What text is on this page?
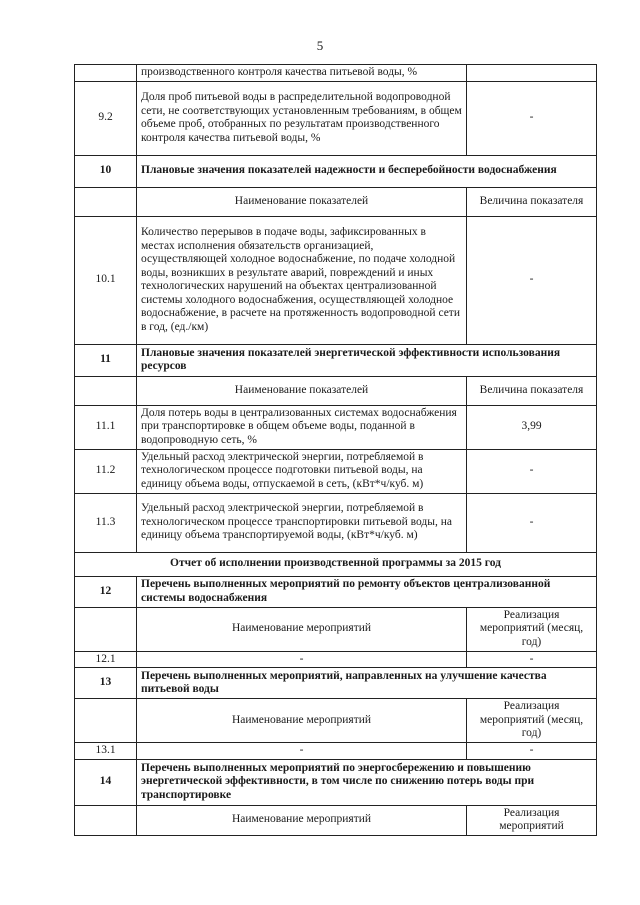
5
	производственного контроля качества питьевой воды, %	
9.2	Доля проб питьевой воды в распределительной водопроводной сети, не соответствующих установленным требованиям, в общем объеме проб, отобранных по результатам производственного контроля качества питьевой воды, %	-
10	Плановые значения показателей надежности и бесперебойности водоснабжения	
	Наименование показателей	Величина показателя
10.1	Количество перерывов в подаче воды, зафиксированных в местах исполнения обязательств организацией, осуществляющей холодное водоснабжение, по подаче холодной воды, возникших в результате аварий, повреждений и иных технологических нарушений на объектах централизованной системы холодного водоснабжения, осуществляющей холодное водоснабжение, в расчете на протяженность водопроводной сети в год, (ед./км)	-
11	Плановые значения показателей энергетической эффективности использования ресурсов	
	Наименование показателей	Величина показателя
11.1	Доля потерь воды в централизованных системах водоснабжения при транспортировке в общем объеме воды, поданной в водопроводную сеть, %	3,99
11.2	Удельный расход электрической энергии, потребляемой в технологическом процессе подготовки питьевой воды, на единицу объема воды, отпускаемой в сеть, (кВт*ч/куб. м)	-
11.3	Удельный расход электрической энергии, потребляемой в технологическом процессе транспортировки питьевой воды, на единицу объема транспортируемой воды, (кВт*ч/куб. м)	-
Отчет об исполнении производственной программы за 2015 год		
12	Перечень выполненных мероприятий по ремонту объектов централизованной системы водоснабжения	
	Наименование мероприятий	Реализация мероприятий (месяц, год)
12.1	-	-
13	Перечень выполненных мероприятий, направленных на улучшение качества питьевой воды	
	Наименование мероприятий	Реализация мероприятий (месяц, год)
13.1	-	-
14	Перечень выполненных мероприятий по энергосбережению и повышению энергетической эффективности, в том числе по снижению потерь воды при транспортировке	
	Наименование мероприятий	Реализация мероприятий
